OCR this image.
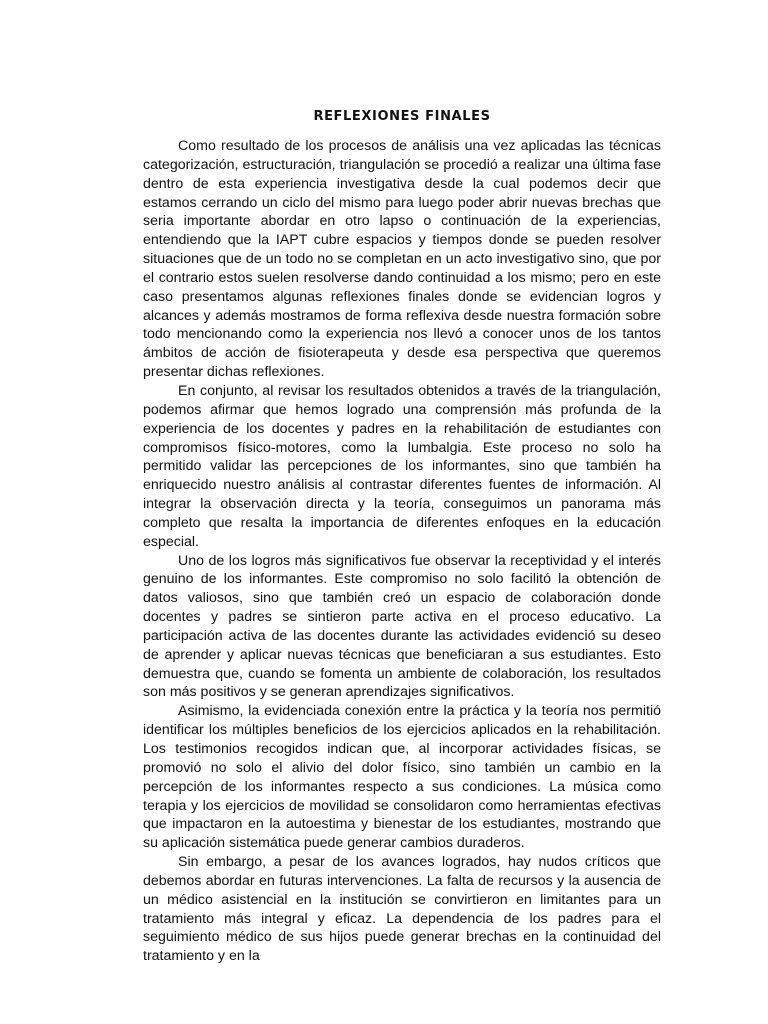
REFLEXIONES FINALES

Como resultado de los procesos de análisis una vez aplicadas las técnicas categorización, estructuración, triangulación se procedió a realizar una última fase dentro de esta experiencia investigativa desde la cual podemos decir que estamos cerrando un ciclo del mismo para luego poder abrir nuevas brechas que seria importante abordar en otro lapso o continuación de la experiencias, entendiendo que la IAPT cubre espacios y tiempos donde se pueden resolver situaciones que de un todo no se completan en un acto investigativo sino, que por el contrario estos suelen resolverse dando continuidad a los mismo; pero en este caso presentamos algunas reflexiones finales donde se evidencian logros y alcances y además mostramos de forma reflexiva desde nuestra formación sobre todo mencionando como la experiencia nos llevó a conocer unos de los tantos ámbitos de acción de fisioterapeuta y desde esa perspectiva que queremos presentar dichas reflexiones.

En conjunto, al revisar los resultados obtenidos a través de la triangulación, podemos afirmar que hemos logrado una comprensión más profunda de la experiencia de los docentes y padres en la rehabilitación de estudiantes con compromisos físico-motores, como la lumbalgia. Este proceso no solo ha permitido validar las percepciones de los informantes, sino que también ha enriquecido nuestro análisis al contrastar diferentes fuentes de información. Al integrar la observación directa y la teoría, conseguimos un panorama más completo que resalta la importancia de diferentes enfoques en la educación especial.

Uno de los logros más significativos fue observar la receptividad y el interés genuino de los informantes. Este compromiso no solo facilitó la obtención de datos valiosos, sino que también creó un espacio de colaboración donde docentes y padres se sintieron parte activa en el proceso educativo. La participación activa de las docentes durante las actividades evidenció su deseo de aprender y aplicar nuevas técnicas que beneficiaran a sus estudiantes. Esto demuestra que, cuando se fomenta un ambiente de colaboración, los resultados son más positivos y se generan aprendizajes significativos.

Asimismo, la evidenciada conexión entre la práctica y la teoría nos permitió identificar los múltiples beneficios de los ejercicios aplicados en la rehabilitación. Los testimonios recogidos indican que, al incorporar actividades físicas, se promovió no solo el alivio del dolor físico, sino también un cambio en la percepción de los informantes respecto a sus condiciones. La música como terapia y los ejercicios de movilidad se consolidaron como herramientas efectivas que impactaron en la autoestima y bienestar de los estudiantes, mostrando que su aplicación sistemática puede generar cambios duraderos.

Sin embargo, a pesar de los avances logrados, hay nudos críticos que debemos abordar en futuras intervenciones. La falta de recursos y la ausencia de un médico asistencial en la institución se convirtieron en limitantes para un tratamiento más integral y eficaz. La dependencia de los padres para el seguimiento médico de sus hijos puede generar brechas en la continuidad del tratamiento y en la
